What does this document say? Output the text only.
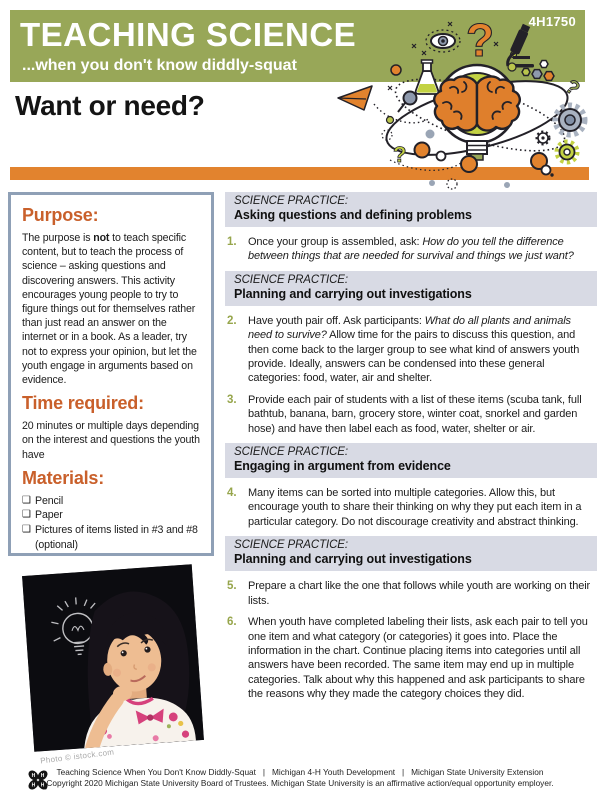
TEACHING SCIENCE
...when you don't know diddly-squat
4H1750
Want or need?
?
?
?
Purpose:
The purpose is not to teach specific content, but to teach the process of science – asking questions and discovering answers. This activity encourages young people to try to figure things out for themselves rather than just read an answer on the internet or in a book. As a leader, try not to express your opinion, but let the youth engage in arguments based on evidence.
Time required:
20 minutes or multiple days depending on the interest and questions the youth have
Materials:
❑ Pencil
❑ Paper
❑ Pictures of items listed in #3 and #8 (optional)
Photo © istock.com
SCIENCE PRACTICE:
Asking questions and defining problems
1.	Once your group is assembled, ask: How do you tell the difference between things that are needed for survival and things we just want?
SCIENCE PRACTICE:
Planning and carrying out investigations
2.	Have youth pair off. Ask participants: What do all plants and animals need to survive? Allow time for the pairs to discuss this question, and then come back to the larger group to see what kind of answers youth provide. Ideally, answers can be condensed into these general categories: food, water, air and shelter.
3.	Provide each pair of students with a list of these items (scuba tank, full bathtub, banana, barn, grocery store, winter coat, snorkel and garden hose) and have then label each as food, water, shelter or air.
SCIENCE PRACTICE:
Engaging in argument from evidence
4.	Many items can be sorted into multiple categories. Allow this, but encourage youth to share their thinking on why they put each item in a particular category. Do not discourage creativity and abstract thinking.
SCIENCE PRACTICE:
Planning and carrying out investigations
5.	Prepare a chart like the one that follows while youth are working on their lists.
6.	When youth have completed labeling their lists, ask each pair to tell you one item and what category (or categories) it goes into. Place the information in the chart. Continue placing items into categories until all answers have been recorded. The same item may end up in multiple categories. Talk about why this happened and ask participants to share the reasons why they made the category choices they did.
H H
H H
Teaching Science When You Don't Know Diddly-Squat   |   Michigan 4-H Youth Development   |   Michigan State University Extension
Copyright 2020 Michigan State University Board of Trustees. Michigan State University is an affirmative action/equal opportunity employer.
